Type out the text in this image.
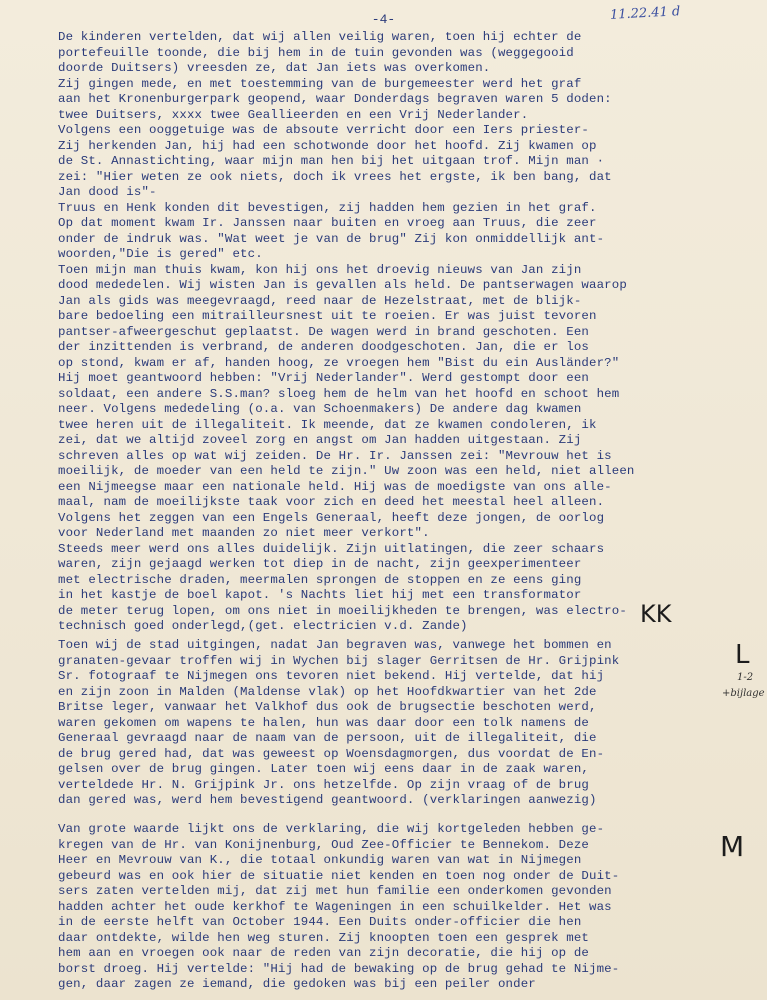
-4-	11.22.41 d
De kinderen vertelden, dat wij allen veilig waren, toen hij echter de
portefeuille toonde, die bij hem in de tuin gevonden was (weggegooid
doorde Duitsers) vreesden ze, dat Jan iets was overkomen.
Zij gingen mede, en met toestemming van de burgemeester werd het graf
aan het Kronenburgerpark geopend, waar Donderdags begraven waren 5 doden:
twee Duitsers, xxxx twee Geallieerden en een Vrij Nederlander.
Volgens een ooggetuige was de absoute verricht door een Iers priester-
Zij herkenden Jan, hij had een schotwonde door het hoofd. Zij kwamen op
de St. Annastichting, waar mijn man hen bij het uitgaan trof. Mijn man ·
zei: "Hier weten ze ook niets, doch ik vrees het ergste, ik ben bang, dat
Jan dood is"-
Truus en Henk konden dit bevestigen, zij hadden hem gezien in het graf.
Op dat moment kwam Ir. Janssen naar buiten en vroeg aan Truus, die zeer
onder de indruk was. "Wat weet je van de brug" Zij kon onmiddellijk ant-
woorden,"Die is gered" etc.
Toen mijn man thuis kwam, kon hij ons het droevig nieuws van Jan zijn
dood mededelen. Wij wisten Jan is gevallen als held. De pantserwagen waarop
Jan als gids was meegevraagd, reed naar de Hezelstraat, met de blijk-
bare bedoeling een mitrailleursnest uit te roeien. Er was juist tevoren
pantser-afweergeschut geplaatst. De wagen werd in brand geschoten. Een
der inzittenden is verbrand, de anderen doodgeschoten. Jan, die er los
op stond, kwam er af, handen hoog, ze vroegen hem "Bist du ein Ausländer?"
Hij moet geantwoord hebben: "Vrij Nederlander". Werd gestompt door een
soldaat, een andere S.S.man? sloeg hem de helm van het hoofd en schoot hem
neer. Volgens mededeling (o.a. van Schoenmakers) De andere dag kwamen
twee heren uit de illegaliteit. Ik meende, dat ze kwamen condoleren, ik
zei, dat we altijd zoveel zorg en angst om Jan hadden uitgestaan. Zij
schreven alles op wat wij zeiden. De Hr. Ir. Janssen zei: "Mevrouw het is
moeilijk, de moeder van een held te zijn." Uw zoon was een held, niet alleen
een Nijmeegse maar een nationale held. Hij was de moedigste van ons alle-
maal, nam de moeilijkste taak voor zich en deed het meestal heel alleen.
Volgens het zeggen van een Engels Generaal, heeft deze jongen, de oorlog
voor Nederland met maanden zo niet meer verkort".
Steeds meer werd ons alles duidelijk. Zijn uitlatingen, die zeer schaars
waren, zijn gejaagd werken tot diep in de nacht, zijn geexperimenteer
met electrische draden, meermalen sprongen de stoppen en ze eens ging
in het kastje de boel kapot. 's Nachts liet hij met een transformator
de meter terug lopen, om ons niet in moeilijkheden te brengen, was electro-
technisch goed onderlegd,(get. electricien v.d. Zande)
Toen wij de stad uitgingen, nadat Jan begraven was, vanwege het bommen en
granaten-gevaar troffen wij in Wychen bij slager Gerritsen de Hr. Grijpink
Sr. fotograaf te Nijmegen ons tevoren niet bekend. Hij vertelde, dat hij
en zijn zoon in Malden (Maldense vlak) op het Hoofdkwartier van het 2de
Britse leger, vanwaar het Valkhof dus ook de brugsectie beschoten werd,
waren gekomen om wapens te halen, hun was daar door een tolk namens de
Generaal gevraagd naar de naam van de persoon, uit de illegaliteit, die
de brug gered had, dat was geweest op Woensdagmorgen, dus voordat de En-
gelsen over de brug gingen. Later toen wij eens daar in de zaak waren,
verteldede Hr. N. Grijpink Jr. ons hetzelfde. Op zijn vraag of de brug
dan gered was, werd hem bevestigend geantwoord. (verklaringen aanwezig)
Van grote waarde lijkt ons de verklaring, die wij kortgeleden hebben ge-
kregen van de Hr. van Konijnenburg, Oud Zee-Officier te Bennekom. Deze
Heer en Mevrouw van K., die totaal onkundig waren van wat in Nijmegen
gebeurd was en ook hier de situatie niet kenden en toen nog onder de Duit-
sers zaten vertelden mij, dat zij met hun familie een onderkomen gevonden
hadden achter het oude kerkhof te Wageningen in een schuilkelder. Het was
in de eerste helft van October 1944. Een Duits onder-officier die hen
daar ontdekte, wilde hen weg sturen. Zij knoopten toen een gesprek met
hem aan en vroegen ook naar de reden van zijn decoratie, die hij op de
borst droeg. Hij vertelde: "Hij had de bewaking op de brug gehad te Nijme-
gen, daar zagen ze iemand, die gedoken was bij een peiler onder
KK
L
1-2
+bijlage
M
